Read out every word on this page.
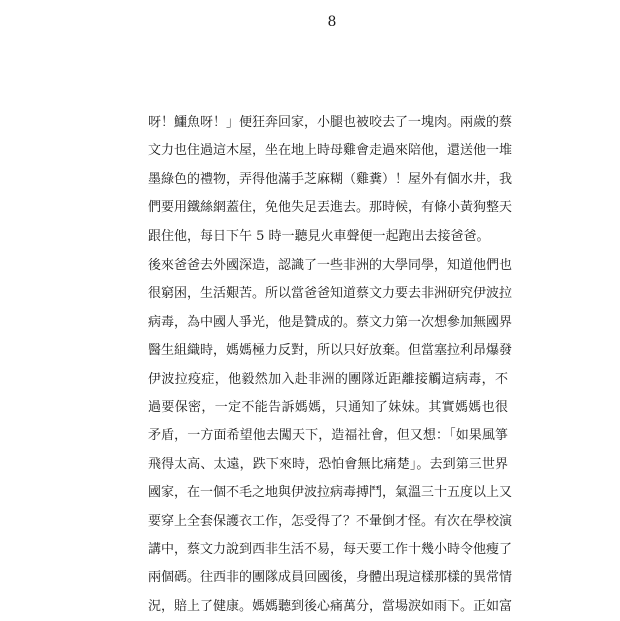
8

呀！鱷魚呀！」便狂奔回家，小腿也被咬去了一塊肉。兩歲的蔡
文力也住過這木屋，坐在地上時母雞會走過來陪他，還送他一堆
墨綠色的禮物，弄得他滿手芝麻糊（雞糞）！屋外有個水井，我
們要用鐵絲網蓋住，免他失足丟進去。那時候，有條小黃狗整天
跟住他，每日下午 5 時一聽見火車聲便一起跑出去接爸爸。

後來爸爸去外國深造，認識了一些非洲的大學同學，知道他們也
很窮困，生活艱苦。所以當爸爸知道蔡文力要去非洲研究伊波拉
病毒，為中國人爭光，他是贊成的。蔡文力第一次想參加無國界
醫生組織時，媽媽極力反對，所以只好放棄。但當塞拉利昂爆發
伊波拉疫症，他毅然加入赴非洲的團隊近距離接觸這病毒，不
過要保密，一定不能告訴媽媽，只通知了妹妹。其實媽媽也很
矛盾，一方面希望他去闖天下，造福社會，但又想：「如果風箏
飛得太高、太遠，跌下來時，恐怕會無比痛楚」。去到第三世界
國家，在一個不毛之地與伊波拉病毒搏鬥，氣溫三十五度以上又
要穿上全套保護衣工作，怎受得了？不暈倒才怪。有次在學校演
講中，蔡文力說到西非生活不易，每天要工作十幾小時令他瘦了
兩個碼。往西非的團隊成員回國後，身體出現這樣那樣的異常情
況，賠上了健康。媽媽聽到後心痛萬分，當場淚如雨下。正如富
